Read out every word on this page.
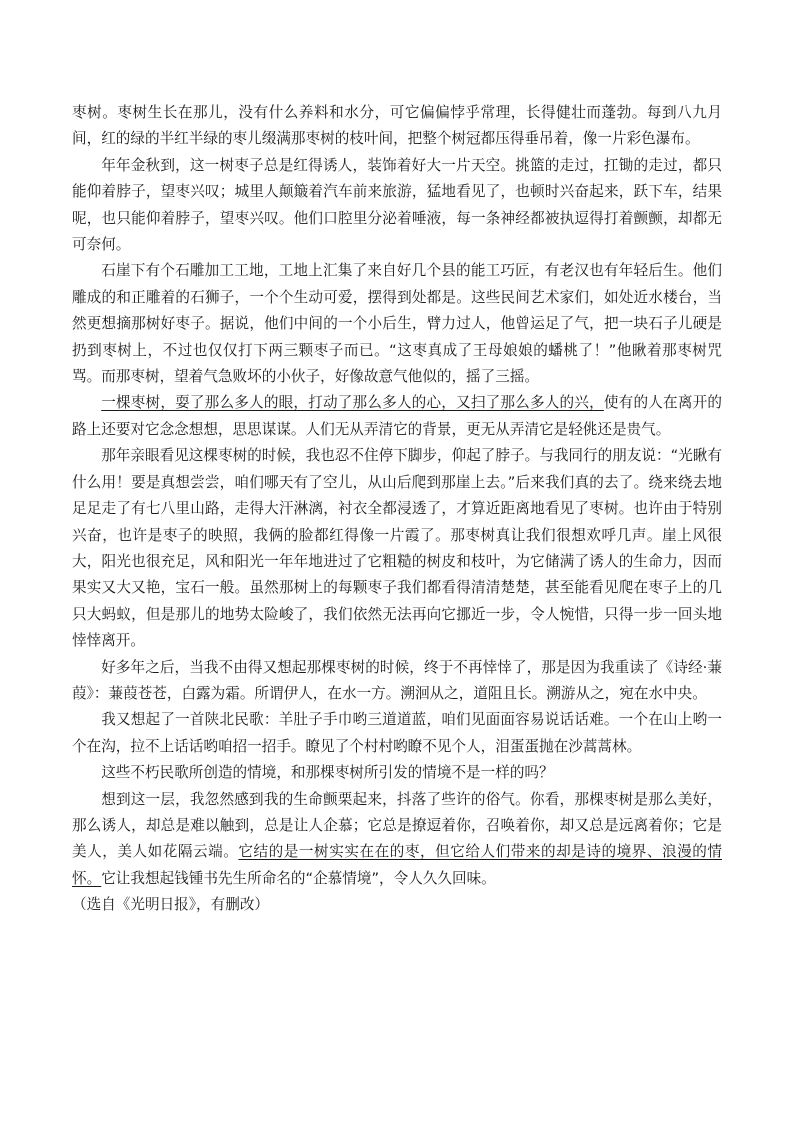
枣树。枣树生长在那儿，没有什么养料和水分，可它偏偏悖乎常理，长得健壮而蓬勃。每到八九月间，红的绿的半红半绿的枣儿缀满那枣树的枝叶间，把整个树冠都压得垂吊着，像一片彩色瀑布。

年年金秋到，这一树枣子总是红得诱人，装饰着好大一片天空。挑篮的走过，扛锄的走过，都只能仰着脖子，望枣兴叹；城里人颠簸着汽车前来旅游，猛地看见了，也顿时兴奋起来，跃下车，结果呢，也只能仰着脖子，望枣兴叹。他们口腔里分泌着唾液，每一条神经都被执逗得打着颤颤，却都无可奈何。

石崖下有个石雕加工工地，工地上汇集了来自好几个县的能工巧匠，有老汉也有年轻后生。他们雕成的和正雕着的石狮子，一个个生动可爱，摆得到处都是。这些民间艺术家们，如处近水楼台，当然更想摘那树好枣子。据说，他们中间的一个小后生，臂力过人，他曾运足了气，把一块石子儿硬是扔到枣树上，不过也仅仅打下两三颗枣子而已。“这枣真成了王母娘娘的蟠桃了！”他瞅着那枣树咒骂。而那枣树，望着气急败坏的小伙子，好像故意气他似的，摇了三摇。

一棵枣树，耍了那么多人的眼，打动了那么多人的心，又扫了那么多人的兴，使有的人在离开的路上还要对它念念想想，思思谋谋。人们无从弄清它的背景，更无从弄清它是轻佻还是贵气。

那年亲眼看见这棵枣树的时候，我也忍不住停下脚步，仰起了脖子。与我同行的朋友说：“光瞅有什么用！要是真想尝尝，咱们哪天有了空儿，从山后爬到那崖上去。”后来我们真的去了。绕来绕去地足足走了有七八里山路，走得大汗淋漓，衬衣全都浸透了，才算近距离地看见了枣树。也许由于特别兴奋，也许是枣子的映照，我俩的脸都红得像一片霞了。那枣树真让我们很想欢呼几声。崖上风很大，阳光也很充足，风和阳光一年年地进过了它粗糙的树皮和枝叶，为它储满了诱人的生命力，因而果实又大又艳，宝石一般。虽然那树上的每颗枣子我们都看得清清楚楚，甚至能看见爬在枣子上的几只大蚂蚁，但是那儿的地势太险峻了，我们依然无法再向它挪近一步，令人惋惜，只得一步一回头地悻悻离开。

好多年之后，当我不由得又想起那棵枣树的时候，终于不再悻悻了，那是因为我重读了《诗经·蒹葭》：蒹葭苍苍，白露为霜。所谓伊人，在水一方。溯洄从之，道阻且长。溯游从之，宛在水中央。

我又想起了一首陕北民歌：羊肚子手巾哟三道道蓝，咱们见面面容易说话话难。一个在山上哟一个在沟，拉不上话话哟咱招一招手。瞭见了个村村哟瞭不见个人，泪蛋蛋抛在沙蒿蒿林。

这些不朽民歌所创造的情境，和那棵枣树所引发的情境不是一样的吗？

想到这一层，我忽然感到我的生命颤栗起来，抖落了些许的俗气。你看，那棵枣树是那么美好，那么诱人，却总是难以触到，总是让人企慕；它总是撩逗着你，召唤着你，却又总是远离着你；它是美人，美人如花隔云端。它结的是一树实实在在的枣，但它给人们带来的却是诗的境界、浪漫的情怀。它让我想起钱锺书先生所命名的“企慕情境”，令人久久回味。

（选自《光明日报》，有删改）
